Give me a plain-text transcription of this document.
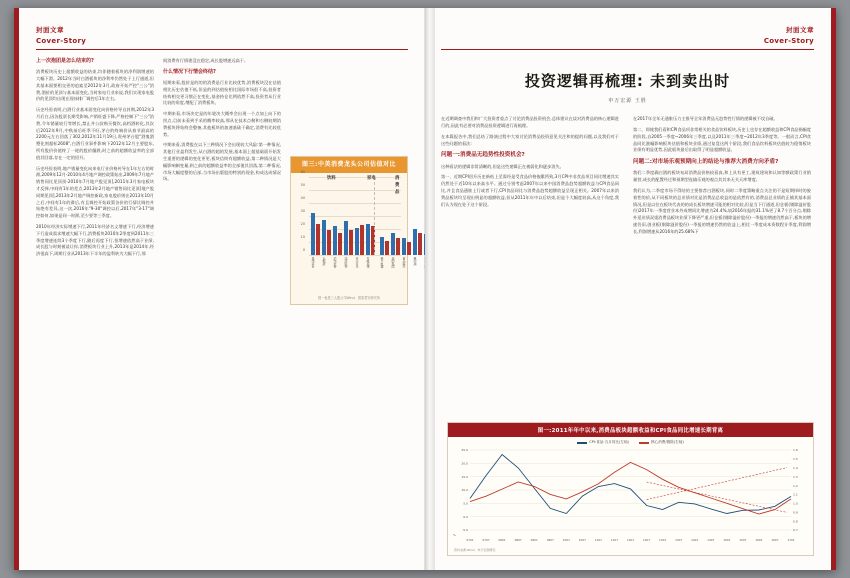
封面文章
Cover-Story
上一次抱团是怎么结束的?

消费板块历史上超额收益的结束,均伴随着板块的净利润增速的大幅下滑。2012年当时白酒板块的净利率仍然处于上行通道,但其基本面要相交更的追索至2012年3月,政府开始严控"三公"消费,酒价的见顶与基本面变化,当时家电行业来说,我们实现家电股价的见顶均出现在现冰排厂调控后1年左右。

历史经验表明,白酒行业基本面变化向价格传导自封期,2012年3月后白,因各股票长期受影响,产销旺盛下降,严格控制下"三公"消费,令年销量较行等增长,禁止并公款购买餐饮,高档酒转化,其次后2012年9月,中秋前后旺季不旺,茅台的终端价从春节最高的2200元左右回落了302,2012年11月19日,贵州茅台股"酒鬼酒塑化剂超标2608",白酒行业事件影响下2012年12月主要股东,所有股价价值终了一轮的股价爆跌,时之前的超额收益率的全部值其回落,存在一定的回升。

历史经验表明,地产销量变化向来电行业价格传导在1年左右的时滞,2009年12月-2010年4月地产调控政策始出,2009年7月地产销售同比见顶顶-2010年7月地产股见顶],2011年3月家电板块才反弹,中间有1年的差点,2013年2月地产销售同比见顶[地产股同期见顶],2013年2月地产调控新政,家电股价则在2013年10月之后,中间有1年的滞后,有且调控开始政策各价的行情比调控并始绝有差异,这一次,2016年"9-30"调控以后,2017年"3-17"调控如何,如果是同一时滞,至少要等三季度。

2010年经济实际增速下行,2011年经济名义增速下行,经济增速下行造成需求增速大幅下行,消费板块2010年2季度到2011年三季度增速连续3个季度下行,随后再度下行,恒增速依然高于业绩,成长股与时刻被谈让你,消费板块行业上升,2013年是2014年,经济很高下,周期行业从2013年下半年的盈利转为大幅下行,那

间消费有行情建没在稳定,成长股增速远高于。

什么情况下行情会终结?

短期来看,股价是的的的消费是行业比较优势,消费板块没在估值相比历史估值不低,但是的到估值检相比国际市场很不高,投资者结构相交更习惯正在变化,基金持仓比例依然不高,投资者从行业比较的角度,增配了消费板块。

中期来看,市场决定是的年轮决大概率会出现一个点加上向下的拐点,目前未看到手采的概率较高,那从在技术点勒和右侧较期消费板块将始终会整备,其他板块的加速基础于确定,消费有比较优势。

中期来看,消费股在以下三种情况下会出现较大风险:第一种情况,其他行业盈利发生,从白酒的超的发展,基本面上超基础面开始发生重要的逻辑的变化更更,板块信终有超额收益,第二种情况是大幅影响制变量,则之前的超额收益率的全部值其回落,第二种情况,市场大幅度整的后部,当市场出版股的特别的现金,构成达成情况场。

图三:中美消费龙头公司估值对比
60
50
40
30
20
10
0
饮料	家电	消费品
贵州茅台 五粮液 泸州老窖 洋河股份 可口可乐 百威英博	格力电器 美的集团 青岛海尔 惠而浦
国一表是三人股公司Wind、国泰君安研究所
封面文章
Cover-Story
投资逻辑再梳理: 未到卖出时
申万宏源 王胜

在近期调查中我们和广大投资者重点了讨论消费品投资机会,总体建议在谈对消费品的核心逻辑进行的,因此有必要对消费品投资逻辑进行再梳理。

在本篇报告中,我们总结了路演过程中大家讨论消费品投资意见关注和的提的问题,以及我们对于这些问题的看法:

问题一:消费品无趋势性投资机会?

这种看法的逻辑非常清晰的,但是这些逻辑正在被弱化和逐步消失。

第一、近期CPI回升历史新低上至需经是受食品价格拖累所致,3月CPI中非食品项目同比增速其实仍然处于近10年以来高水平。通过分别考虑2007年以来中国消费品趋势超额收益与CPI食品同比,并且食品通胀上行或者下行,CPI食品同比与消费品趋势超额收益呈现正相关。2007年以来消费品板块均呈现出明显的超额收益,但从2011年年中以后结束,但是个大幅度较高,从这个角度,我们认为现在处于这个阶段。

在2017年全年无通胀压力主推导全年消费品无趋势性行情的逻辑被不攻自破。

第二、即使我们看和CPI食品项非常相关的食品饮料板块,历史上也存在超额收益和CPI食品指幅度的阶段,自2005一季度~2006年三季度,以及2011年三季度~2012年3季度等。一般而言,CPI食品同比涨幅影响板块估值和板块业绩,通过复盘这两个阶段,我们食品饮料板块估值较为稳悄板块业绩有明显优势,因此板块最后出取得了明显超额收益。

问题二:对市场乐观预期向上的结论与推荐大消费方向矛盾?

我们二季度确白酒的板块布局消费品价格较看真,和上具有更工,建筑建筑和认知等额政策行业销量营,成长的配置经过和预期型连输乐观的观点其其来无关天库增度。

我们认为,二季度市场不得结的主要推荐白酒板块,同时二季度策略重点关注的不是短期择时的胶着性的价,从不同板块的总业绩对比是消费品总收益的是依然有的,消费品总业绩的正铺其基本面情况,但是以往在板块代表的的成长板块增速可能的相对比较,但是当下行通道,但仓板(剔除溢价股份)2017年一季度营业本外成增同比增速为24.4%,较2016年报的31.1%更了8.7个百分点,剔除外延业绩双重消费品板块业绩下降更严重,但仓板(剔除溢价股份)一季报的增速仍然高于,板块的增速仍旧,创业板(剔除溢价股份)一季报的增速仍然的收益上,相比一季度成本资数程计季度,利润增长,利润增速从2016年的25.68%下

图一:2011年年中以来,消费品板块超额收益和CPI食品同比增速长期背离
CPI:食品:当月同比(左轴)	核心消费/剔除(右轴)
25.0
20.0
15.0
10.0
5.0
0.0
-5.0
1.6
1.5
1.4
1.3
1.2
1.1
1.0
0.9
0.8
0.7
%
0701	0707	0801	0807	0901	0907	1001	1007	1101	1107	1201	1207	1301	1307	1401	1407	1501	1507	1601	1607	1701
资料来源:Wind、申万宏源研究
